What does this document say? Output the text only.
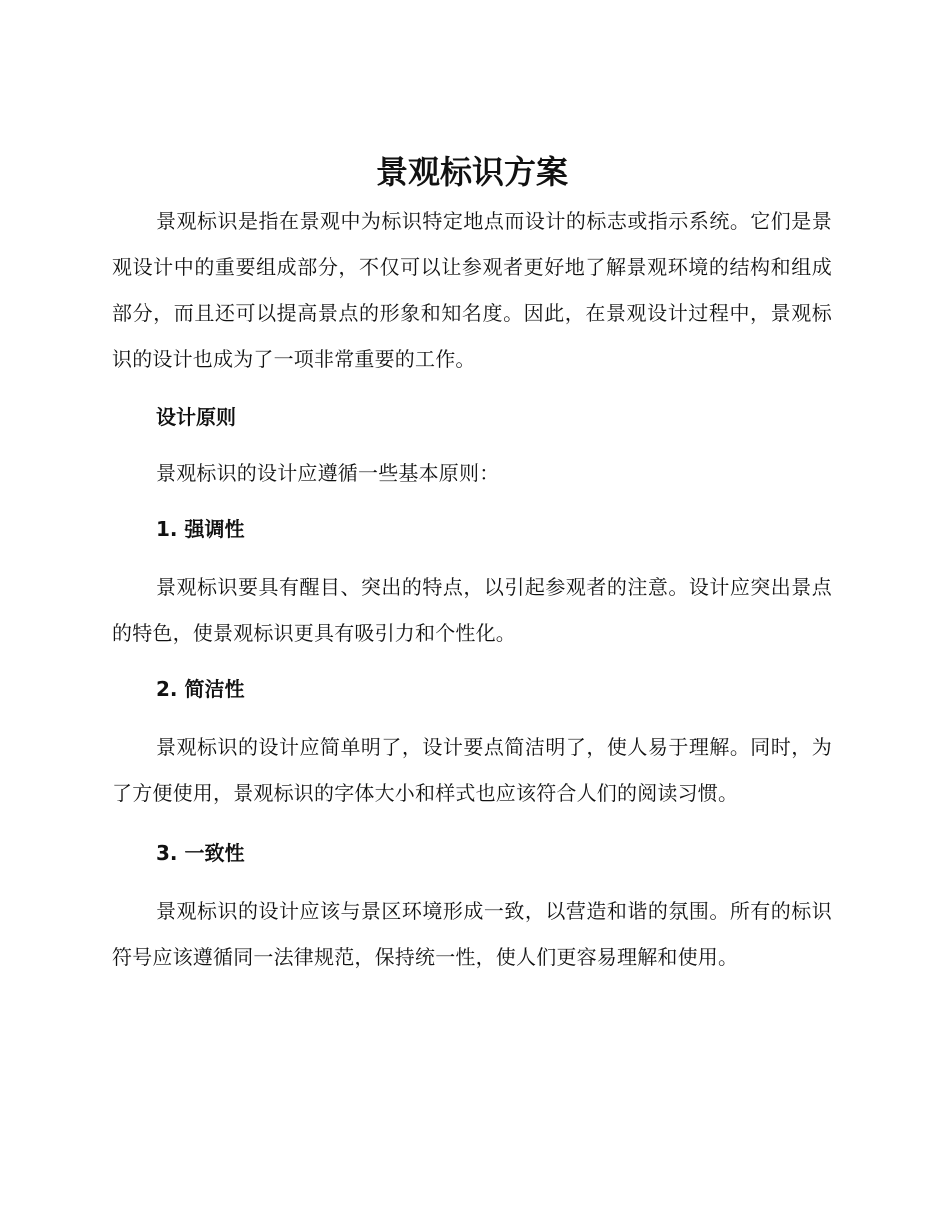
景观标识方案

景观标识是指在景观中为标识特定地点而设计的标志或指示系统。它们是景观设计中的重要组成部分，不仅可以让参观者更好地了解景观环境的结构和组成部分，而且还可以提高景点的形象和知名度。因此，在景观设计过程中，景观标识的设计也成为了一项非常重要的工作。

设计原则

景观标识的设计应遵循一些基本原则：

1. 强调性

景观标识要具有醒目、突出的特点，以引起参观者的注意。设计应突出景点的特色，使景观标识更具有吸引力和个性化。

2. 简洁性

景观标识的设计应简单明了，设计要点简洁明了，使人易于理解。同时，为了方便使用，景观标识的字体大小和样式也应该符合人们的阅读习惯。

3. 一致性

景观标识的设计应该与景区环境形成一致，以营造和谐的氛围。所有的标识符号应该遵循同一法律规范，保持统一性，使人们更容易理解和使用。
